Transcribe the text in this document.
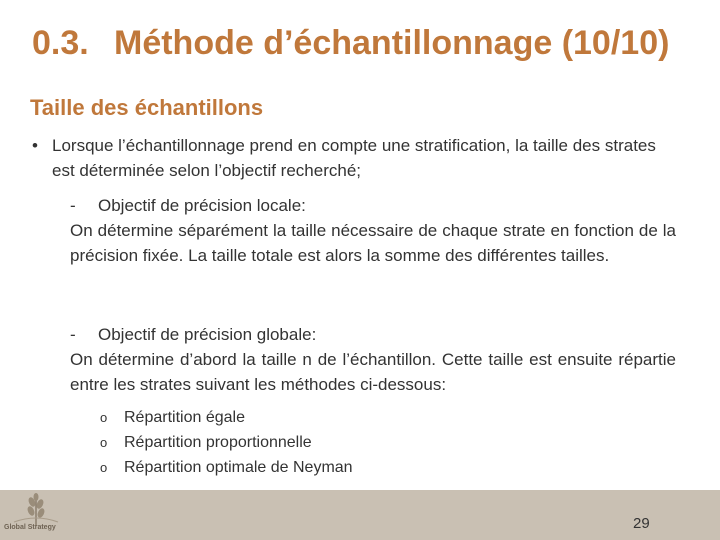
0.3. Méthode d’échantillonnage (10/10)
Taille des échantillons
• Lorsque l’échantillonnage prend en compte une stratification, la taille des strates est déterminée selon l’objectif recherché;
- Objectif de précision locale:
On détermine séparément la taille nécessaire de chaque strate en fonction de la précision fixée. La taille totale est alors la somme des différentes tailles.
- Objectif de précision globale:
On détermine d’abord la taille n de l’échantillon. Cette taille est ensuite répartie entre les strates suivant les méthodes ci-dessous:
o Répartition égale
o Répartition proportionnelle
o Répartition optimale de Neyman
Global Strategy	29
